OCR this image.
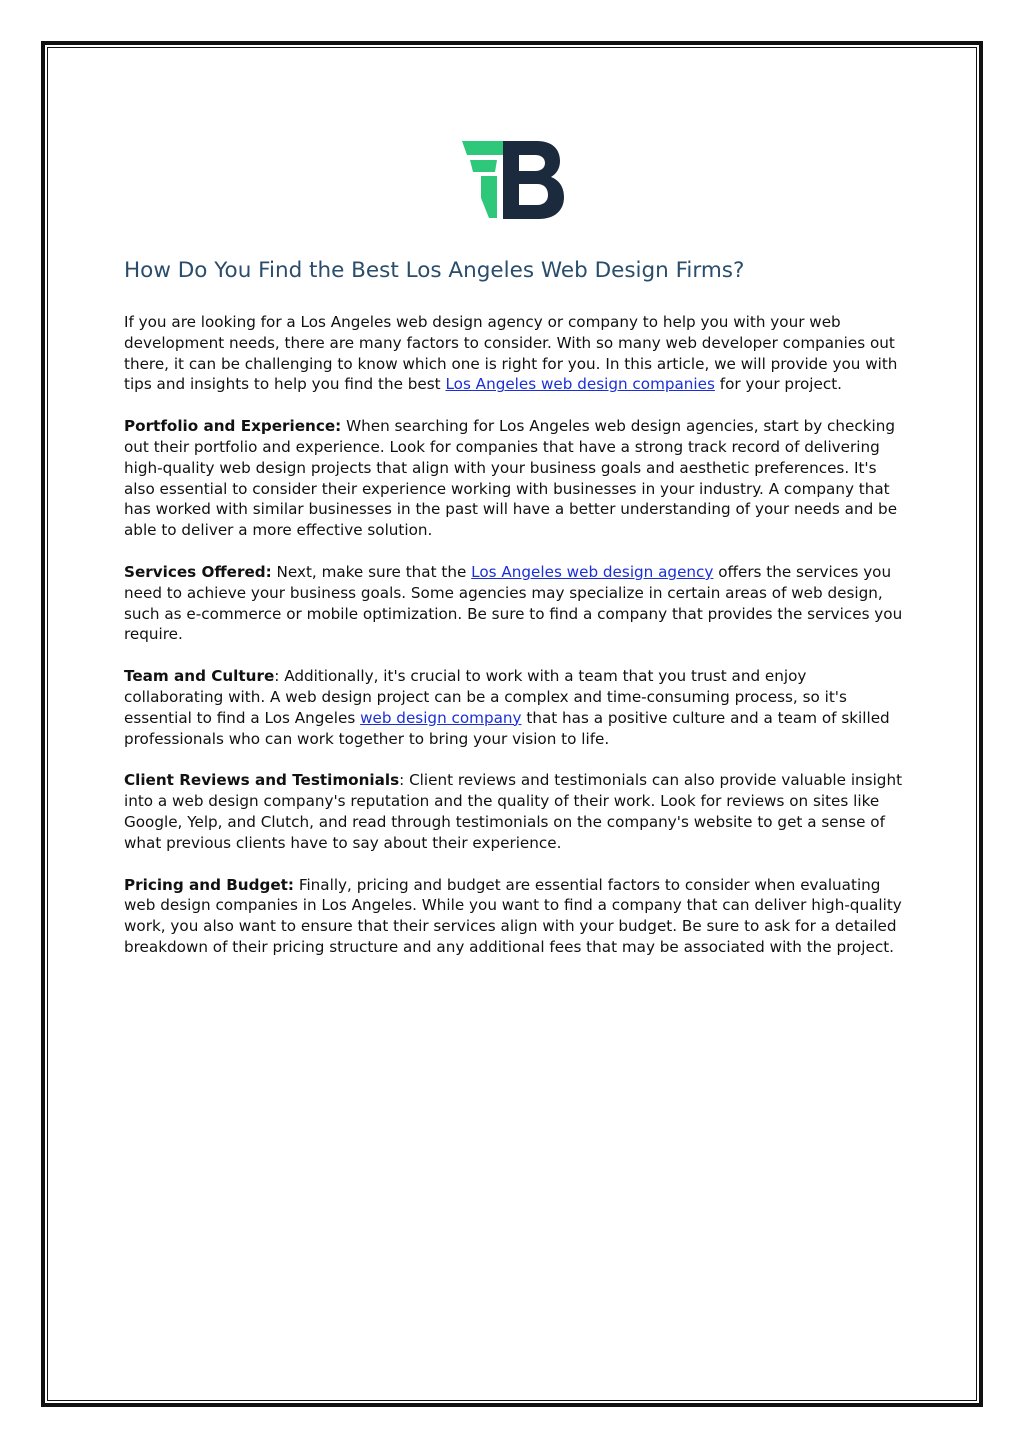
How Do You Find the Best Los Angeles Web Design Firms?

If you are looking for a Los Angeles web design agency or company to help you with your web development needs, there are many factors to consider. With so many web developer companies out there, it can be challenging to know which one is right for you. In this article, we will provide you with tips and insights to help you find the best Los Angeles web design companies for your project.

Portfolio and Experience: When searching for Los Angeles web design agencies, start by checking out their portfolio and experience. Look for companies that have a strong track record of delivering high-quality web design projects that align with your business goals and aesthetic preferences. It's also essential to consider their experience working with businesses in your industry. A company that has worked with similar businesses in the past will have a better understanding of your needs and be able to deliver a more effective solution.

Services Offered: Next, make sure that the Los Angeles web design agency offers the services you need to achieve your business goals. Some agencies may specialize in certain areas of web design, such as e-commerce or mobile optimization. Be sure to find a company that provides the services you require.

Team and Culture: Additionally, it's crucial to work with a team that you trust and enjoy collaborating with. A web design project can be a complex and time-consuming process, so it's essential to find a Los Angeles web design company that has a positive culture and a team of skilled professionals who can work together to bring your vision to life.

Client Reviews and Testimonials: Client reviews and testimonials can also provide valuable insight into a web design company's reputation and the quality of their work. Look for reviews on sites like Google, Yelp, and Clutch, and read through testimonials on the company's website to get a sense of what previous clients have to say about their experience.

Pricing and Budget: Finally, pricing and budget are essential factors to consider when evaluating web design companies in Los Angeles. While you want to find a company that can deliver high-quality work, you also want to ensure that their services align with your budget. Be sure to ask for a detailed breakdown of their pricing structure and any additional fees that may be associated with the project.
